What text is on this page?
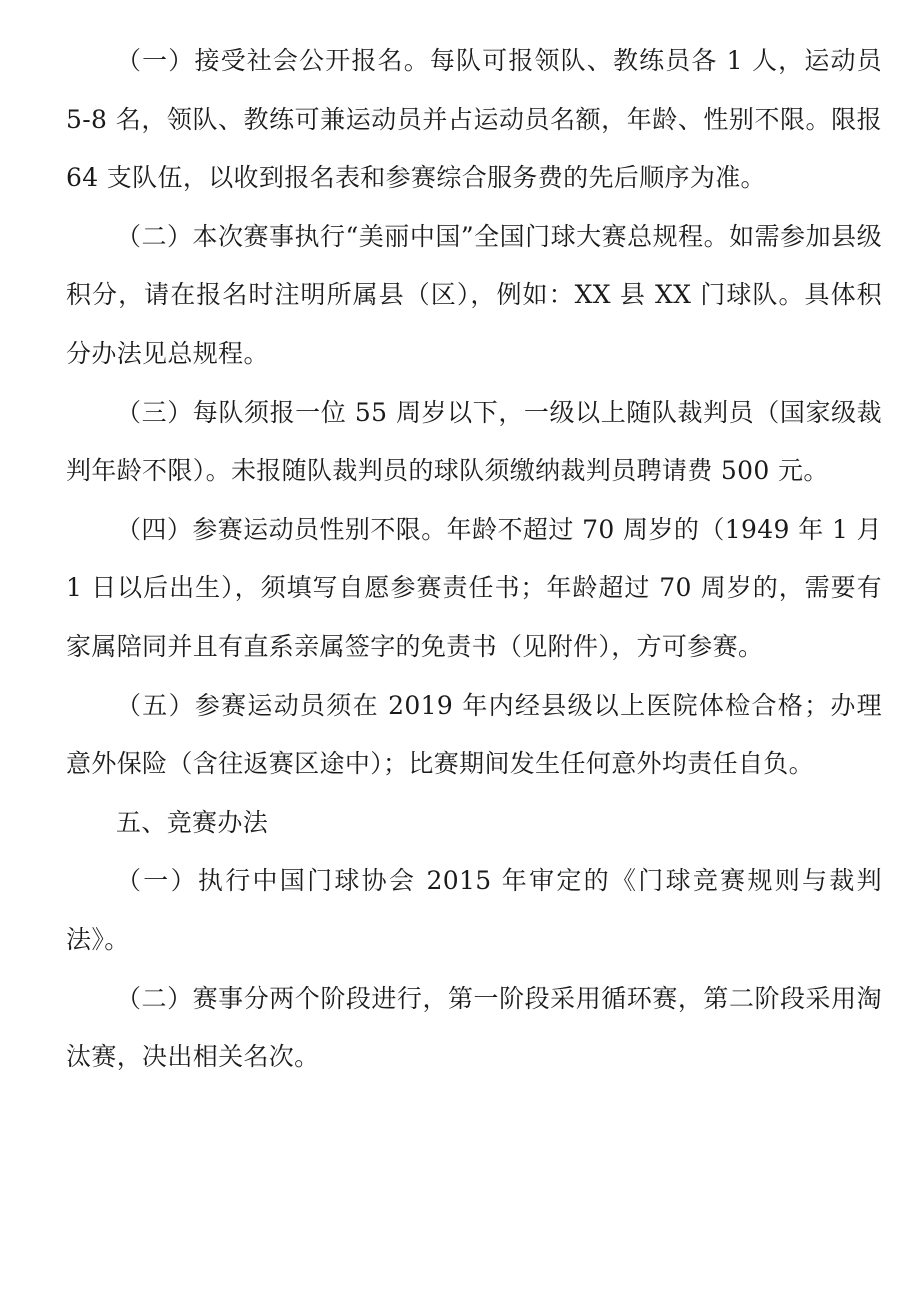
（一）接受社会公开报名。每队可报领队、教练员各 1 人，运动员 5-8 名，领队、教练可兼运动员并占运动员名额，年龄、性别不限。限报 64 支队伍，以收到报名表和参赛综合服务费的先后顺序为准。

（二）本次赛事执行“美丽中国”全国门球大赛总规程。如需参加县级积分，请在报名时注明所属县（区），例如：XX 县 XX 门球队。具体积分办法见总规程。

（三）每队须报一位 55 周岁以下，一级以上随队裁判员（国家级裁判年龄不限）。未报随队裁判员的球队须缴纳裁判员聘请费 500 元。

（四）参赛运动员性别不限。年龄不超过 70 周岁的（1949 年 1 月 1 日以后出生），须填写自愿参赛责任书；年龄超过 70 周岁的，需要有家属陪同并且有直系亲属签字的免责书（见附件），方可参赛。

（五）参赛运动员须在 2019 年内经县级以上医院体检合格；办理意外保险（含往返赛区途中）；比赛期间发生任何意外均责任自负。

五、竞赛办法

（一）执行中国门球协会 2015 年审定的《门球竞赛规则与裁判法》。

（二）赛事分两个阶段进行，第一阶段采用循环赛，第二阶段采用淘汰赛，决出相关名次。
